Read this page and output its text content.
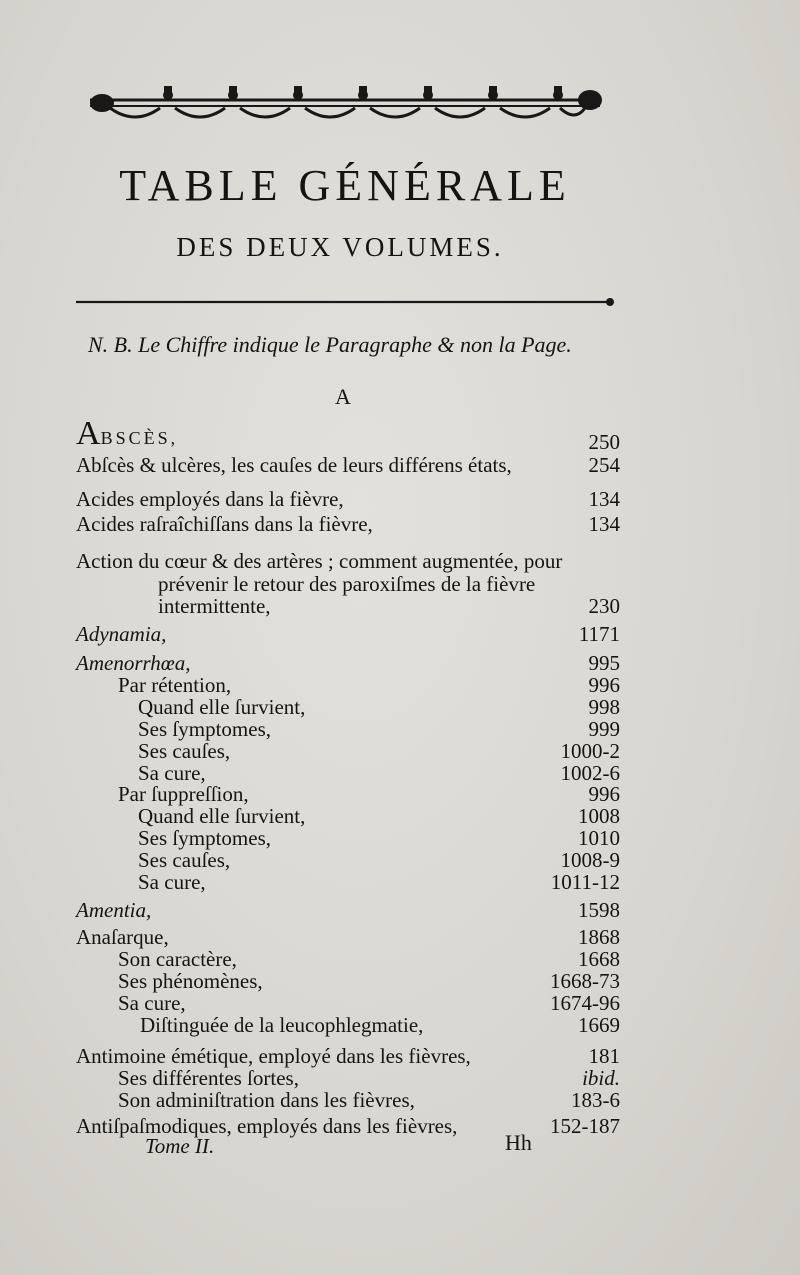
TABLE GÉNÉRALE
DES DEUX VOLUMES.
N. B. Le Chiffre indique le Paragraphe & non la Page.
A
ABSCÈS,	250
Abſcès & ulcères, les cauſes de leurs différens états,	254
Acides employés dans la fièvre,	134
Acides raſraîchiſſans dans la fièvre,	134
Action du cœur & des artères ; comment augmentée, pour
prévenir le retour des paroxiſmes de la fièvre
intermittente,	230
Adynamia,	1171
Amenorrhœa,	995
Par rétention,	996
Quand elle ſurvient,	998
Ses ſymptomes,	999
Ses cauſes,	1000-2
Sa cure,	1002-6
Par ſuppreſſion,	996
Quand elle ſurvient,	1008
Ses ſymptomes,	1010
Ses cauſes,	1008-9
Sa cure,	1011-12
Amentia,	1598
Anaſarque,	1868
Son caractère,	1668
Ses phénomènes,	1668-73
Sa cure,	1674-96
Diſtinguée de la leucophlegmatie,	1669
Antimoine émétique, employé dans les fièvres,	181
Ses différentes ſortes,	ibid.
Son adminiſtration dans les fièvres,	183-6
Antiſpaſmodiques, employés dans les fièvres,	152-187
Tome II.	Hh
